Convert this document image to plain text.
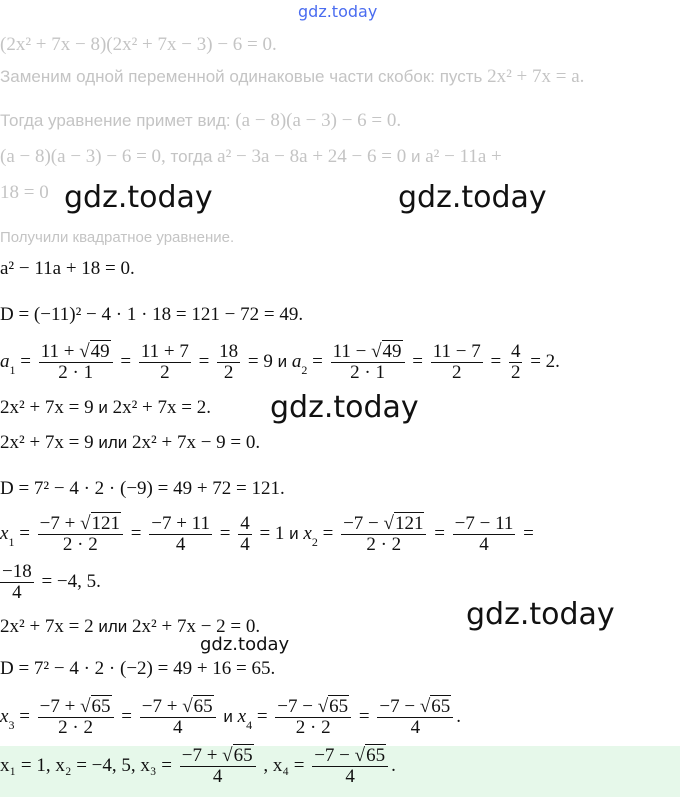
gdz.today
gdz.today	gdz.today
gdz.today
gdz.today
gdz.today
(2x² + 7x − 8)(2x² + 7x − 3) − 6 = 0.
Заменим одной переменной одинаковые части скобок: пусть 2x² + 7x = a.
Тогда уравнение примет вид: (a − 8)(a − 3) − 6 = 0.
(a − 8)(a − 3) − 6 = 0, тогда a² − 3a − 8a + 24 − 6 = 0 и a² − 11a +
18 = 0
Получили квадратное уравнение.
a² − 11a + 18 = 0.
D = (−11)² − 4 · 1 · 18 = 121 − 72 = 49.
$a_1 = \frac{11 + √49}{2 \cdot 1} = \frac{11 + 7}{2} = \frac{18}{2} = 9$ и $a_2 = \frac{11 - √49}{2 \cdot 1} = \frac{11 - 7}{2} = \frac{4}{2} = 2$.
2x² + 7x = 9 и 2x² + 7x = 2.
2x² + 7x = 9 или 2x² + 7x − 9 = 0.
D = 7² − 4 · 2 · (−9) = 49 + 72 = 121.
$x_1 = \frac{-7 + √121}{2 \cdot 2} = \frac{-7 + 11}{4} = \frac{4}{4} = 1$ и $x_2 = \frac{-7 - √121}{2 \cdot 2} = \frac{-7 - 11}{4}$ =
$\frac{-18}{4} = -4$, 5.
2x² + 7x = 2 или 2x² + 7x − 2 = 0.
D = 7² − 4 · 2 · (−2) = 49 + 16 = 65.
$x_3 = \frac{-7 + √65}{2 \cdot 2} = \frac{-7 + √65}{4}$ и $x_4 = \frac{-7 - √65}{2 \cdot 2} = \frac{-7 - √65}{4}$ .
x₁ = 1, x₂ = −4, 5, $x_3 = \frac{-7 + √65}{4}$ , $x_4 = \frac{-7 - √65}{4}$ .
